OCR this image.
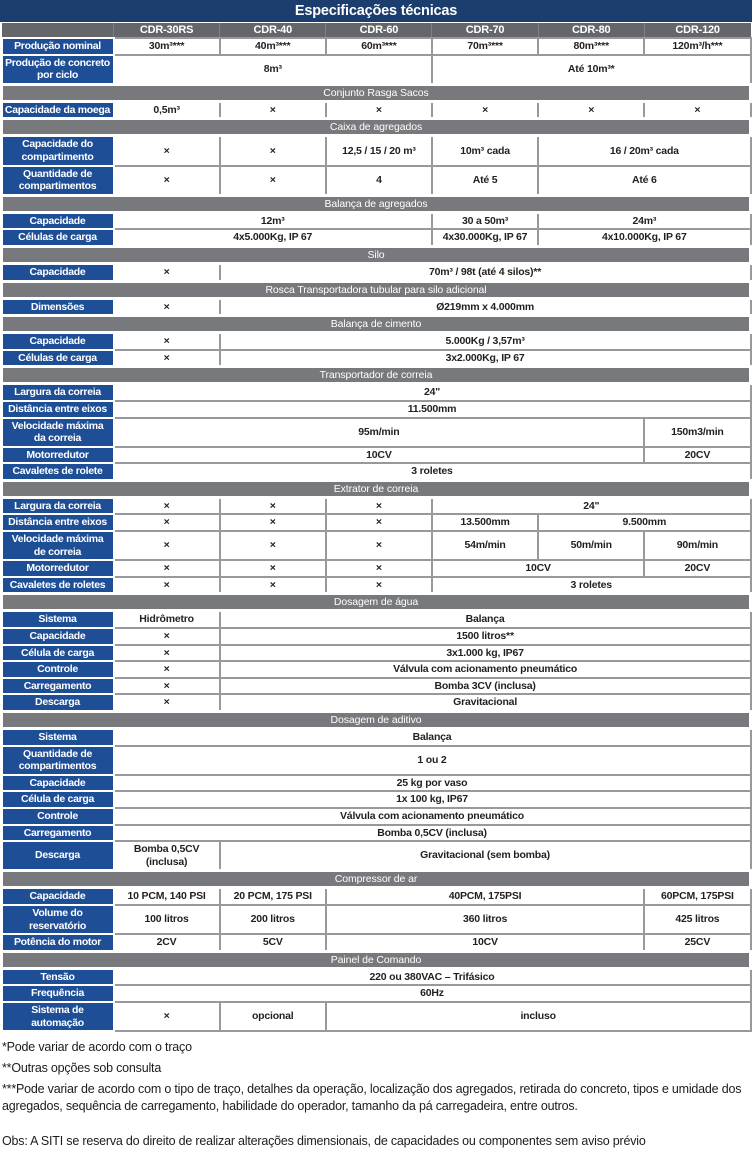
Especificações técnicas
	CDR-30RS	CDR-40	CDR-60	CDR-70	CDR-80	CDR-120
Produção nominal	30m³***	40m³***	60m³***	70m³***	80m³***	120m³/h***
Produção de concreto por ciclo	8m³			Até 10m³*		
Conjunto Rasga Sacos						
Capacidade da moega	0,5m³	×	×	×	×	×
Caixa de agregados						
Capacidade do compartimento	×	×	12,5 / 15 / 20 m³	10m³ cada	16 / 20m³ cada	
Quantidade de compartimentos	×	×	4	Até 5	Até 6	
Balança de agregados						
Capacidade	12m³			30 a 50m³	24m³	
Células de carga	4x5.000Kg, IP 67			4x30.000Kg, IP 67	4x10.000Kg, IP 67	
Silo						
Capacidade	×	70m³ / 98t (até 4 silos)**				
Rosca Transportadora tubular para silo adicional						
Dimensões	×	Ø219mm x 4.000mm				
Balança de cimento						
Capacidade	×	5.000Kg / 3,57m³				
Células de carga	×	3x2.000Kg, IP 67				
Transportador de correia						
Largura da correia	24"					
Distância entre eixos	11.500mm					
Velocidade máxima da correia	95m/min					150m3/min
Motorredutor	10CV					20CV
Cavaletes de rolete	3 roletes					
Extrator de correia						
Largura da correia	×	×	×	24"		
Distância entre eixos	×	×	×	13.500mm	9.500mm	
Velocidade máxima de correia	×	×	×	54m/min	50m/min	90m/min
Motorredutor	×	×	×	10CV		20CV
Cavaletes de roletes	×	×	×	3 roletes		
Dosagem de água						
Sistema	Hidrômetro	Balança				
Capacidade	×	1500 litros**				
Célula de carga	×	3x1.000 kg, IP67				
Controle	×	Válvula com acionamento pneumático				
Carregamento	×	Bomba 3CV (inclusa)				
Descarga	×	Gravitacional				
Dosagem de aditivo						
Sistema	Balança					
Quantidade de compartimentos	1 ou 2					
Capacidade	25 kg por vaso					
Célula de carga	1x 100 kg, IP67					
Controle	Válvula com acionamento pneumático					
Carregamento	Bomba 0,5CV (inclusa)					
Descarga	Bomba 0,5CV (inclusa)	Gravitacional (sem bomba)				
Compressor de ar						
Capacidade	10 PCM, 140 PSI	20 PCM, 175 PSI	40PCM, 175PSI			60PCM, 175PSI
Volume do reservatório	100 litros	200 litros	360 litros			425 litros
Potência do motor	2CV	5CV	10CV			25CV
Painel de Comando						
Tensão	220 ou 380VAC – Trifásico					
Frequência	60Hz					
Sistema de automação	×	opcional	incluso			

*Pode variar de acordo com o traço

**Outras opções sob consulta

***Pode variar de acordo com o tipo de traço, detalhes da operação, localização dos agregados, retirada do concreto, tipos e umidade dos agregados, sequência de carregamento, habilidade do operador, tamanho da pá carregadeira, entre outros.

Obs: A SITI se reserva do direito de realizar alterações dimensionais, de capacidades ou componentes sem aviso prévio
